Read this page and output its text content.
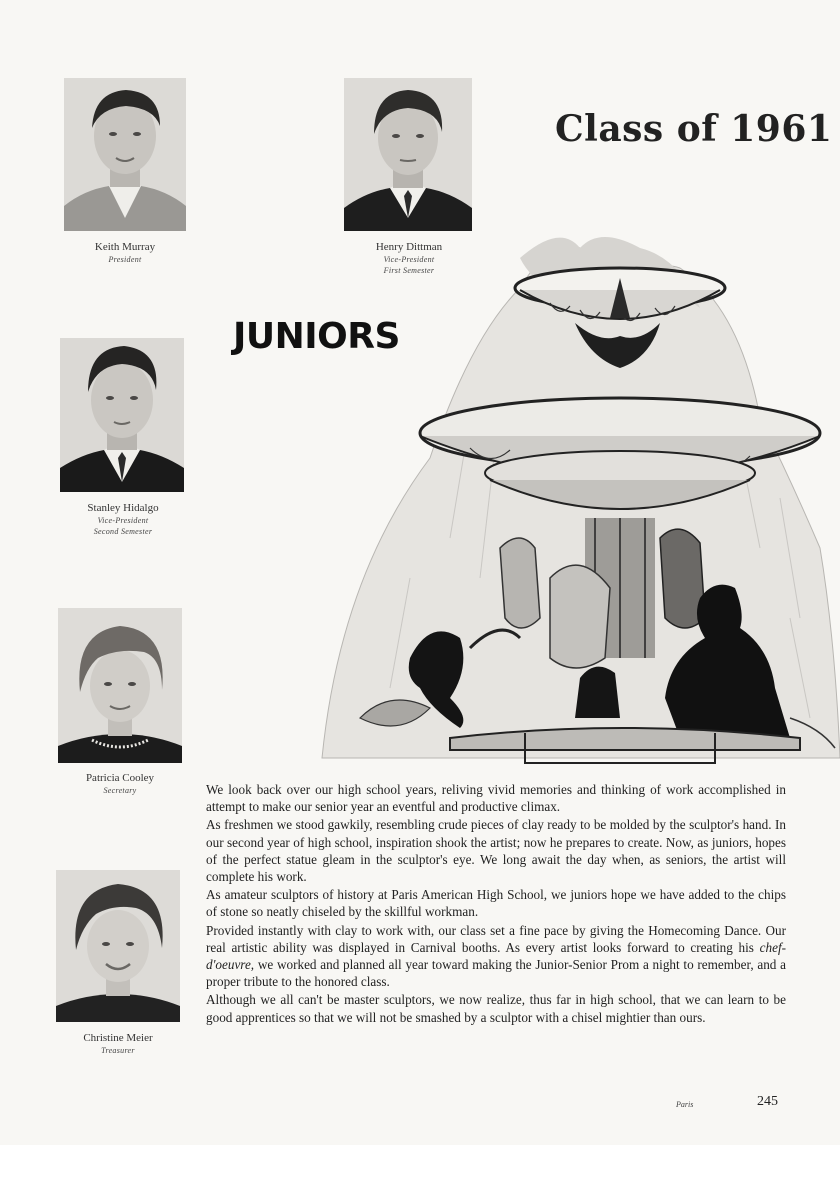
Class of 1961
JUNIORS
Keith Murray
President
Henry Dittman
Vice-President
First Semester
Stanley Hidalgo
Vice-President
Second Semester
Patricia Cooley
Secretary
Christine Meier
Treasurer

We look back over our high school years, reliving vivid memories and thinking of work accomplished in attempt to make our senior year an eventful and productive climax.

As freshmen we stood gawkily, resembling crude pieces of clay ready to be molded by the sculptor's hand. In our second year of high school, inspiration shook the artist; now he prepares to create. Now, as juniors, hopes of the perfect statue gleam in the sculptor's eye. We long await the day when, as seniors, the artist will complete his work.

As amateur sculptors of history at Paris American High School, we juniors hope we have added to the chips of stone so neatly chiseled by the skillful workman.

Provided instantly with clay to work with, our class set a fine pace by giving the Homecoming Dance. Our real artistic ability was displayed in Carnival booths. As every artist looks forward to creating his chef-d'oeuvre, we worked and planned all year toward making the Junior-Senior Prom a night to remember, and a proper tribute to the honored class.

Although we all can't be master sculptors, we now realize, thus far in high school, that we can learn to be good apprentices so that we will not be smashed by a sculptor with a chisel mightier than ours.

Paris	245
